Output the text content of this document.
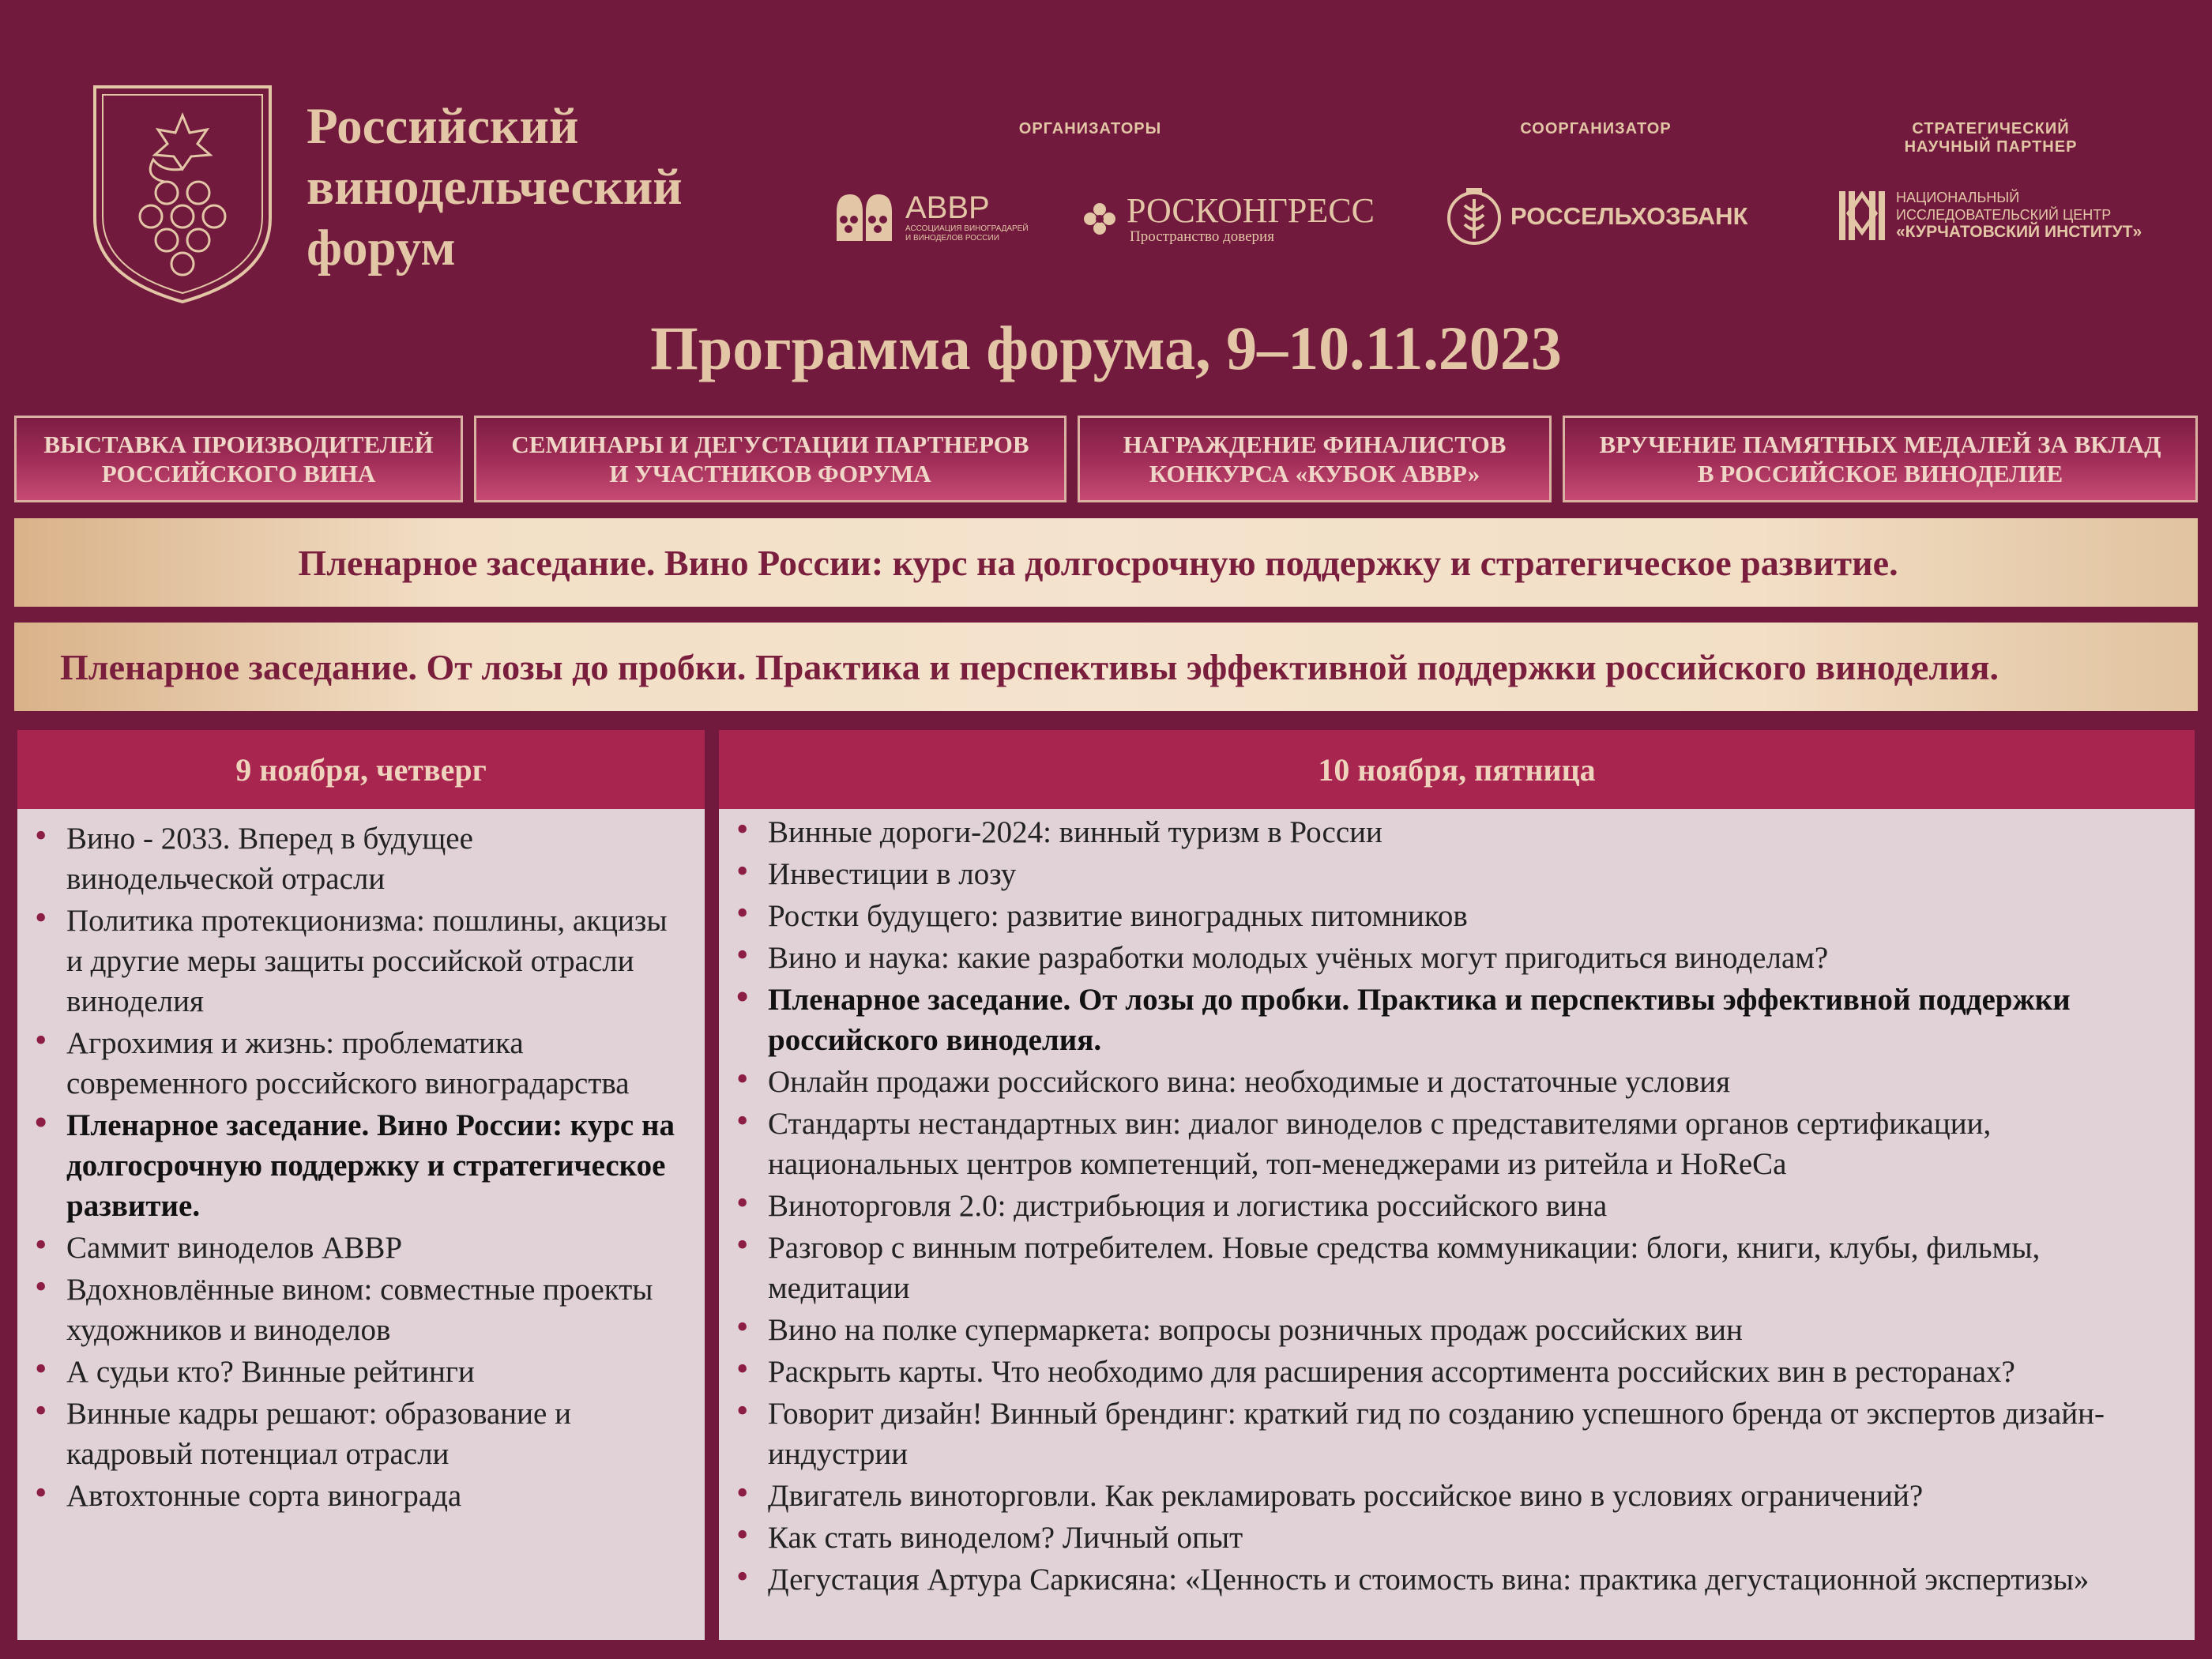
Российский
винодельческий
форум
ОРГАНИЗАТОРЫ	СООРГАНИЗАТОР	СТРАТЕГИЧЕСКИЙ
НАУЧНЫЙ ПАРТНЕР
АВВР
АССОЦИАЦИЯ ВИНОГРАДАРЕЙ
И ВИНОДЕЛОВ РОССИИ
РОСКОНГРЕСС
Пространство доверия
РОССЕЛЬХОЗБАНК
НАЦИОНАЛЬНЫЙ
ИССЛЕДОВАТЕЛЬСКИЙ ЦЕНТР
«КУРЧАТОВСКИЙ ИНСТИТУТ»
Программа форума, 9–10.11.2023
ВЫСТАВКА ПРОИЗВОДИТЕЛЕЙ
РОССИЙСКОГО ВИНА
СЕМИНАРЫ И ДЕГУСТАЦИИ ПАРТНЕРОВ
И УЧАСТНИКОВ ФОРУМА
НАГРАЖДЕНИЕ ФИНАЛИСТОВ
КОНКУРСА «КУБОК АВВР»
ВРУЧЕНИЕ ПАМЯТНЫХ МЕДАЛЕЙ ЗА ВКЛАД
В РОССИЙСКОЕ ВИНОДЕЛИЕ
Пленарное заседание. Вино России: курс на долгосрочную поддержку и стратегическое развитие.
Пленарное заседание. От лозы до пробки. Практика и перспективы эффективной поддержки российского виноделия.
9 ноября, четверг
• Вино - 2033. Вперед в будущее винодельческой отрасли
• Политика протекционизма: пошлины, акцизы и другие меры защиты российской отрасли виноделия
• Агрохимия и жизнь: проблематика современного российского виноградарства
• Пленарное заседание. Вино России: курс на долгосрочную поддержку и стратегическое развитие.
• Саммит виноделов АВВР
• Вдохновлённые вином: совместные проекты художников и виноделов
• А судьи кто? Винные рейтинги
• Винные кадры решают: образование и кадровый потенциал отрасли
• Автохтонные сорта винограда
10 ноября, пятница
• Винные дороги-2024: винный туризм в России
• Инвестиции в лозу
• Ростки будущего: развитие виноградных питомников
• Вино и наука: какие разработки молодых учёных могут пригодиться виноделам?
• Пленарное заседание. От лозы до пробки. Практика и перспективы эффективной поддержки российского виноделия.
• Онлайн продажи российского вина: необходимые и достаточные условия
• Стандарты нестандартных вин: диалог виноделов с представителями органов сертификации, национальных центров компетенций, топ-менеджерами из ритейла и HoReCa
• Виноторговля 2.0: дистрибьюция и логистика российского вина
• Разговор с винным потребителем. Новые средства коммуникации: блоги, книги, клубы, фильмы, медитации
• Вино на полке супермаркета: вопросы розничных продаж российских вин
• Раскрыть карты. Что необходимо для расширения ассортимента российских вин в ресторанах?
• Говорит дизайн! Винный брендинг: краткий гид по созданию успешного бренда от экспертов дизайн-индустрии
• Двигатель виноторговли. Как рекламировать российское вино в условиях ограничений?
• Как стать виноделом? Личный опыт
• Дегустация Артура Саркисяна: «Ценность и стоимость вина: практика дегустационной экспертизы»
